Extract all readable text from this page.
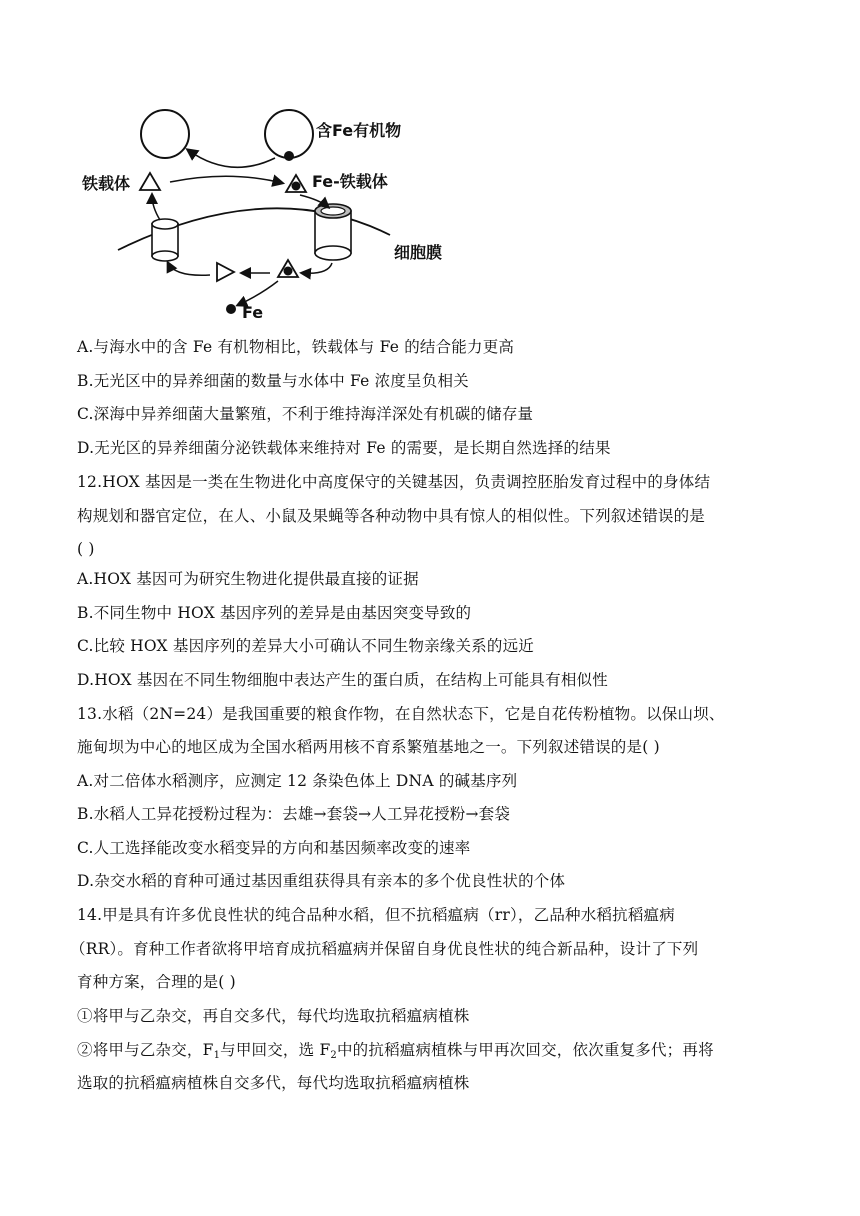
含Fe有机物
铁载体	Fe-铁载体
细胞膜
Fe
A.与海水中的含 Fe 有机物相比，铁载体与 Fe 的结合能力更高
B.无光区中的异养细菌的数量与水体中 Fe 浓度呈负相关
C.深海中异养细菌大量繁殖，不利于维持海洋深处有机碳的储存量
D.无光区的异养细菌分泌铁载体来维持对 Fe 的需要，是长期自然选择的结果
12.HOX 基因是一类在生物进化中高度保守的关键基因，负责调控胚胎发育过程中的身体结
构规划和器官定位，在人、小鼠及果蝇等各种动物中具有惊人的相似性。下列叙述错误的是
( )
A.HOX 基因可为研究生物进化提供最直接的证据
B.不同生物中 HOX 基因序列的差异是由基因突变导致的
C.比较 HOX 基因序列的差异大小可确认不同生物亲缘关系的远近
D.HOX 基因在不同生物细胞中表达产生的蛋白质，在结构上可能具有相似性
13.水稻（2N=24）是我国重要的粮食作物，在自然状态下，它是自花传粉植物。以保山坝、
施甸坝为中心的地区成为全国水稻两用核不育系繁殖基地之一。下列叙述错误的是( )
A.对二倍体水稻测序，应测定 12 条染色体上 DNA 的碱基序列
B.水稻人工异花授粉过程为：去雄→套袋→人工异花授粉→套袋
C.人工选择能改变水稻变异的方向和基因频率改变的速率
D.杂交水稻的育种可通过基因重组获得具有亲本的多个优良性状的个体
14.甲是具有许多优良性状的纯合品种水稻，但不抗稻瘟病（rr），乙品种水稻抗稻瘟病
（RR）。育种工作者欲将甲培育成抗稻瘟病并保留自身优良性状的纯合新品种，设计了下列
育种方案，合理的是( )
①将甲与乙杂交，再自交多代，每代均选取抗稻瘟病植株
②将甲与乙杂交，$F_1$与甲回交，选 $F_2$中的抗稻瘟病植株与甲再次回交，依次重复多代；再将
选取的抗稻瘟病植株自交多代，每代均选取抗稻瘟病植株
